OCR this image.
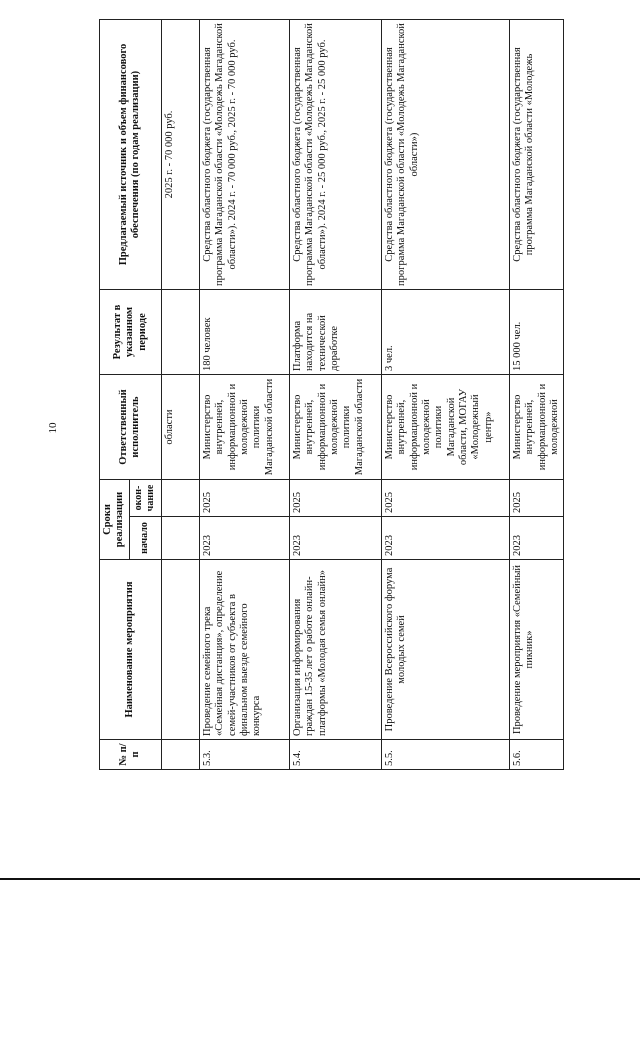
10
№ п/п	Наименование мероприятия	Сроки реализации		Ответственный исполнитель	Результат в указанном периоде	Предлагаемый источник и объем финансового обеспечения (по годам реализации)
		начало	окон-чание			
				области		2025 г. - 70 000 руб.
5.3.	Проведение семейного трека «Семейная дистанция», определение семей-участников от субъекта в финальном выезде семейного конкурса	2023	2025	Министерство внутренней, информационной и молодежной политики Магаданской области	180 человек	Средства областного бюджета (государственная программа Магаданской области «Молодежь Магаданской области»). 2024 г. - 70 000 руб., 2025 г. - 70 000 руб.
5.4.	Организация информирования граждан 15-35 лет о работе онлайн-платформы «Молодая семья онлайн»	2023	2025	Министерство внутренней, информационной и молодежной политики Магаданской области	Платформа находится на технической доработке	Средства областного бюджета (государственная программа Магаданской области «Молодежь Магаданской области»). 2024 г. - 25 000 руб., 2025 г. - 25 000 руб.
5.5.	Проведение Всероссийского форума молодых семей	2023	2025	Министерство внутренней, информационной и молодежной политики Магаданской области, МОГАУ «Молодежный центр»	3 чел.	Средства областного бюджета (государственная программа Магаданской области «Молодежь Магаданской области»)
5.6.	Проведение мероприятия «Семейный пикник»	2023	2025	Министерство внутренней, информационной и молодежной	15 000 чел.	Средства областного бюджета (государственная программа Магаданской области «Молодежь
